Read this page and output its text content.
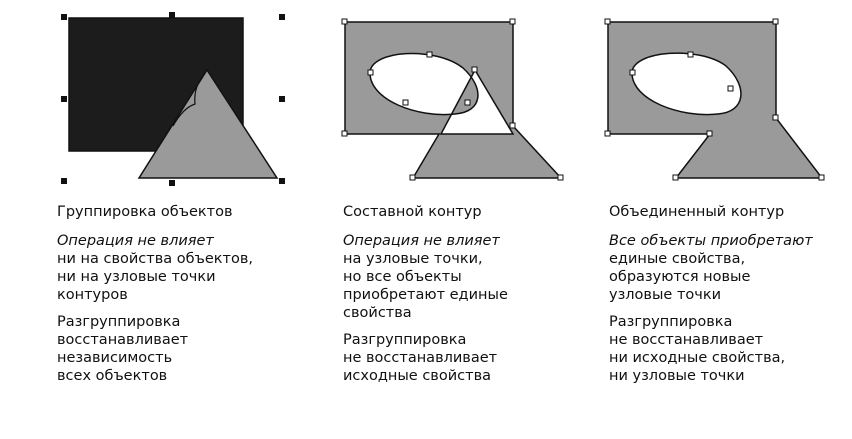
Группировка объектов
Операция не влияет
ни на свойства объектов,
ни на узловые точки
контуров
Разгруппировка
восстанавливает
независимость
всех объектов
Составной контур
Операция не влияет
на узловые точки,
но все объекты
приобретают единые
свойства
Разгруппировка
не восстанавливает
исходные свойства
Объединенный контур
Все объекты приобретают
единые свойства,
образуются новые
узловые точки
Разгруппировка
не восстанавливает
ни исходные свойства,
ни узловые точки
